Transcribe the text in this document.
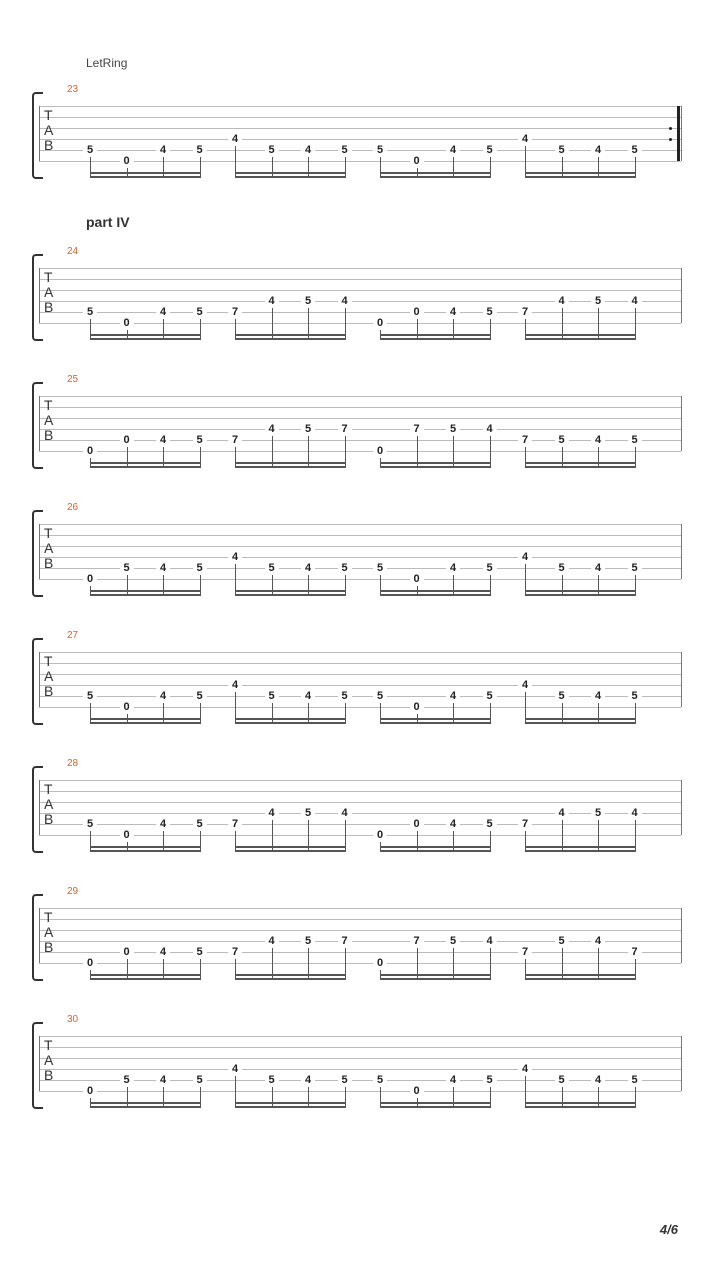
LetRing
part IV
23
T
A
B	5
0
4	5
4
5	4	5	5
0
4	5
4
5	4	5
24
T
A
B	5
0
4	5	7
4	5	4
0
0	4	5	7
4	5	4
25
T
A
B
0
0	4	5	7
4	5	7
0
7	5	4
7	5	4	5
26
T
A
B
0
5	4	5
4
5	4	5	5
0
4	5
4
5	4	5
27
T
A
B	5
0
4	5
4
5	4	5	5
0
4	5
4
5	4	5
28
T
A
B	5
0
4	5	7
4	5	4
0
0	4	5	7
4	5	4
29
T
A
B
0
0	4	5	7
4	5	7
0
7	5	4
7
5	4
7
30
T
A
B
0
5	4	5
4
5	4	5	5
0
4	5
4
5	4	5
4/6
